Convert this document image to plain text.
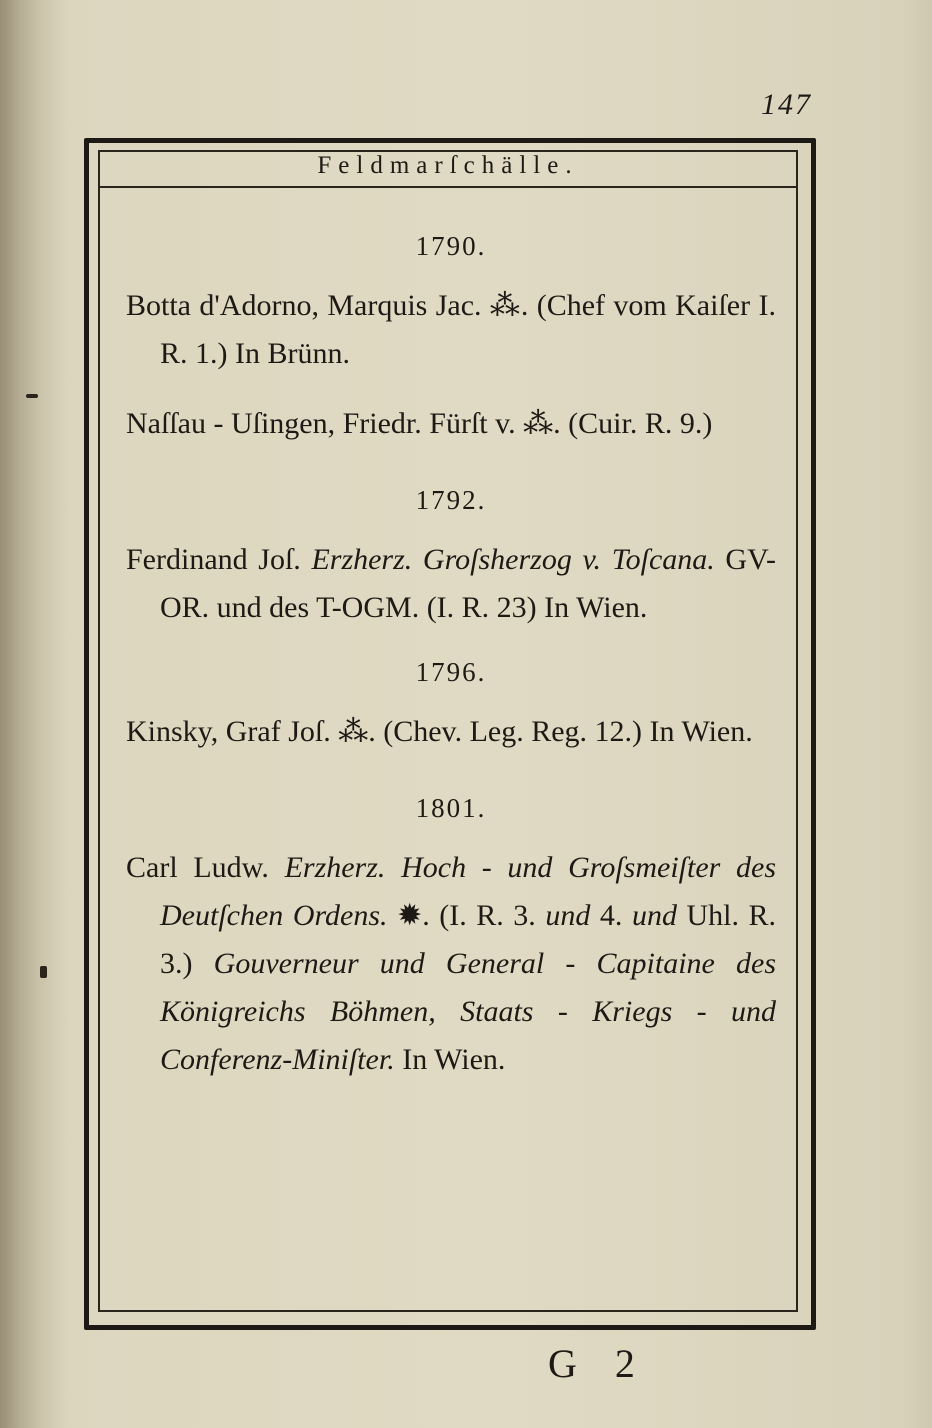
147
Feldmarſchälle.
1790.

Botta d'Adorno, Marquis Jac. ⁂. (Chef vom Kaiſer I. R. 1.) In Brünn.

Naſſau - Uſingen, Friedr. Fürſt v. ⁂. (Cuir. R. 9.)

1792.

Ferdinand Joſ. Erzherz. Groſsherzog v. Toſcana. GV- OR. und des T-OGM. (I. R. 23) In Wien.

1796.

Kinsky, Graf Joſ. ⁂. (Chev. Leg. Reg. 12.) In Wien.

1801.

Carl Ludw. Erzherz. Hoch - und Groſsmeiſter des Deutſchen Ordens. ✹. (I. R. 3. und 4. und Uhl. R. 3.) Gouverneur und General - Capitaine des Königreichs Böhmen, Staats - Kriegs - und Conferenz-Miniſter. In Wien.

G 2
